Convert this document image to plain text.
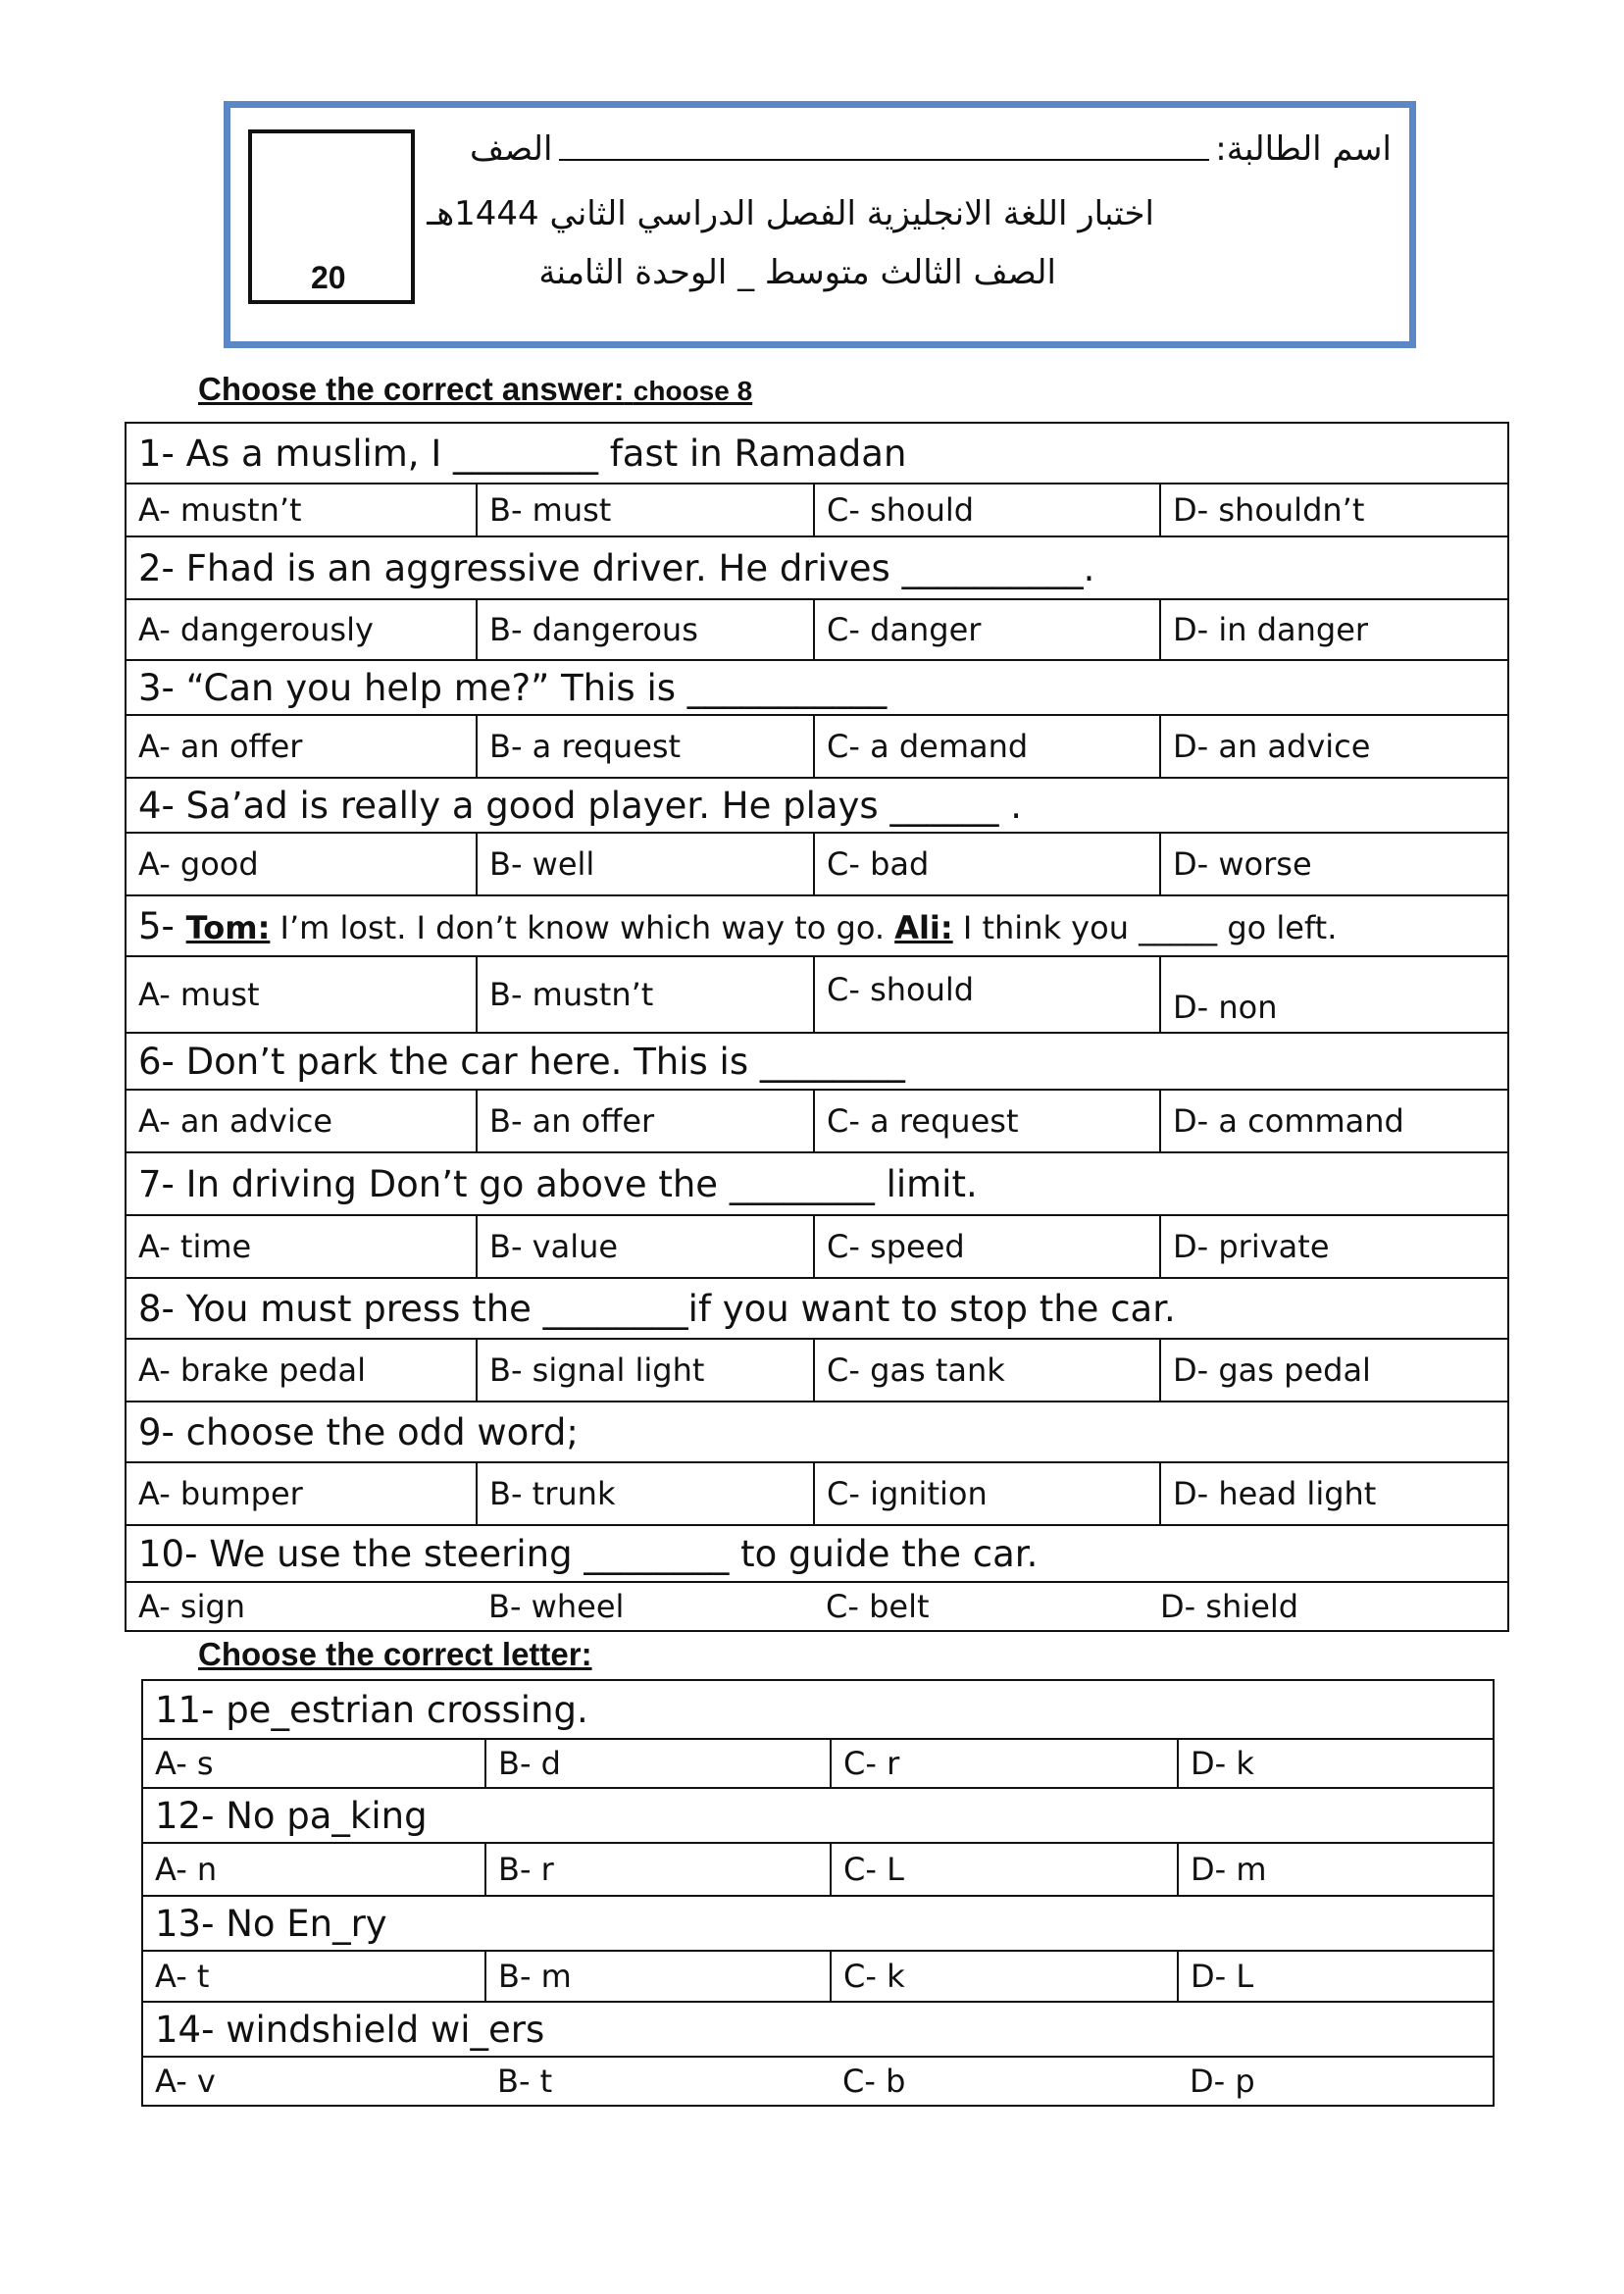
20
اسم الطالبة:
الصف
اختبار اللغة الانجليزية الفصل الدراسي الثاني 1444هـ
الصف الثالث متوسط _ الوحدة الثامنة
Choose the correct answer: choose 8
1- As a muslim, I ________ fast in Ramadan			
A- mustn’t	B- must	C- should	D- shouldn’t
2- Fhad is an aggressive driver. He drives __________.			
A- dangerously	B- dangerous	C- danger	D- in danger
3- “Can you help me?” This is ___________			
A- an offer	B- a request	C- a demand	D- an advice
4- Sa’ad is really a good player. He plays ______ .			
A- good	B- well	C- bad	D- worse
5- Tom: I’m lost. I don’t know which way to go. Ali: I think you _____ go left.			
A- must	B- mustn’t	C- should	D- non
6- Don’t park the car here. This is ________			
A- an advice	B- an offer	C- a request	D- a command
7- In driving Don’t go above the ________ limit.			
A- time	B- value	C- speed	D- private
8- You must press the ________if you want to stop the car.			
A- brake pedal	B- signal light	C- gas tank	D- gas pedal
9- choose the odd word;			
A- bumper	B- trunk	C- ignition	D- head light
10- We use the steering ________ to guide the car.			
A- sign	B- wheel	C- belt	D- shield
Choose the correct letter:
11- pe_estrian crossing.			
A- s	B- d	C- r	D- k
12- No pa_king			
A- n	B- r	C- L	D- m
13- No En_ry			
A- t	B- m	C- k	D- L
14- windshield wi_ers			
A- v	B- t	C- b	D- p
